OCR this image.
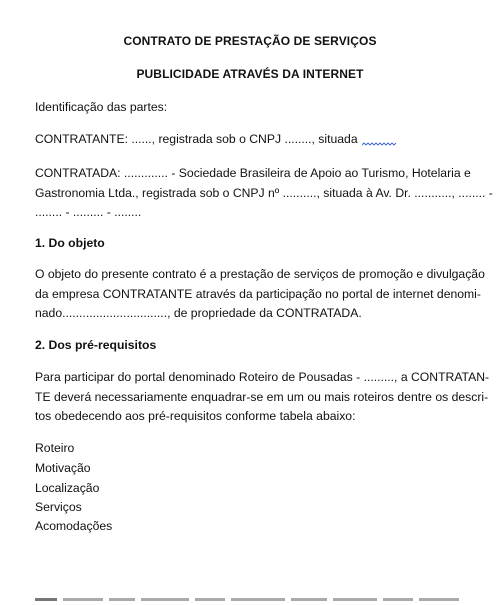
CONTRATO DE PRESTAÇÃO DE SERVIÇOS
PUBLICIDADE ATRAVÉS DA INTERNET
Identificação das partes:
CONTRATANTE: ......, registrada sob o CNPJ ........, situada
CONTRATADA: ............. - Sociedade Brasileira de Apoio ao Turismo, Hotelaria e
Gastronomia Ltda., registrada sob o CNPJ nº .........., situada à Av. Dr. ..........., ........ -
........ - ......... - ........
1. Do objeto
O objeto do presente contrato é a prestação de serviços de promoção e divulgação
da empresa CONTRATANTE através da participação no portal de internet denomi-
nado..............................., de propriedade da CONTRATADA.
2. Dos pré-requisitos
Para participar do portal denominado Roteiro de Pousadas - ........., a CONTRATAN-
TE deverá necessariamente enquadrar-se em um ou mais roteiros dentre os descri-
tos obedecendo aos pré-requisitos conforme tabela abaixo:
Roteiro
Motivação
Localização
Serviços
Acomodações
